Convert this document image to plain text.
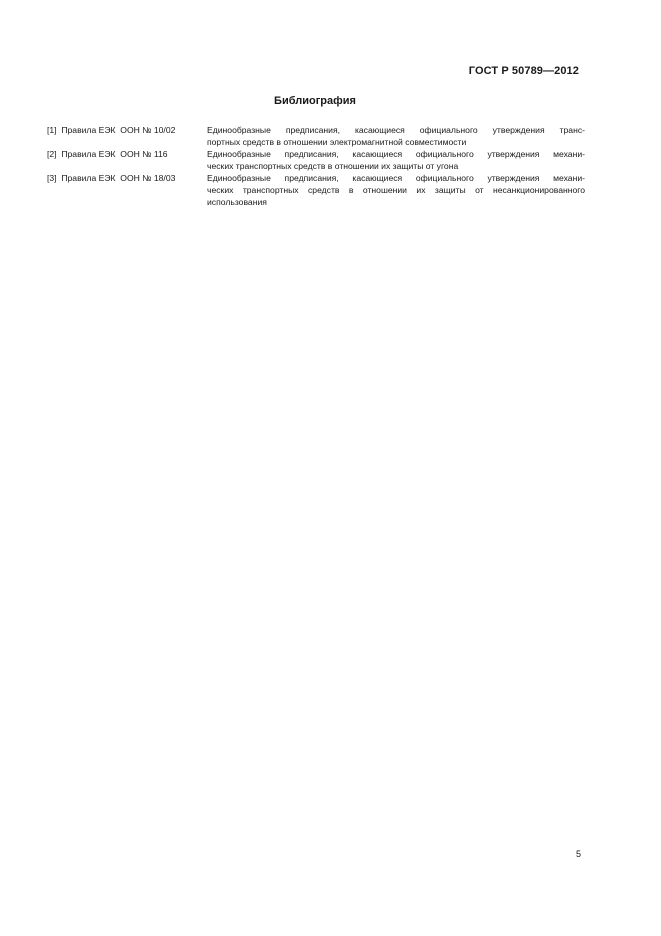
ГОСТ Р 50789—2012
Библиография
[1]  Правила ЕЭК  ООН № 10/02	Единообразные предписания, касающиеся официального утверждения транс-
портных средств в отношении электромагнитной совместимости
[2]  Правила ЕЭК  ООН № 116	Единообразные предписания, касающиеся официального утверждения механи-
ческих транспортных средств в отношении их защиты от угона
[3]  Правила ЕЭК  ООН № 18/03	Единообразные предписания, касающиеся официального утверждения механи-
ческих транспортных средств в отношении их защиты от несанкционированного
использования
5
